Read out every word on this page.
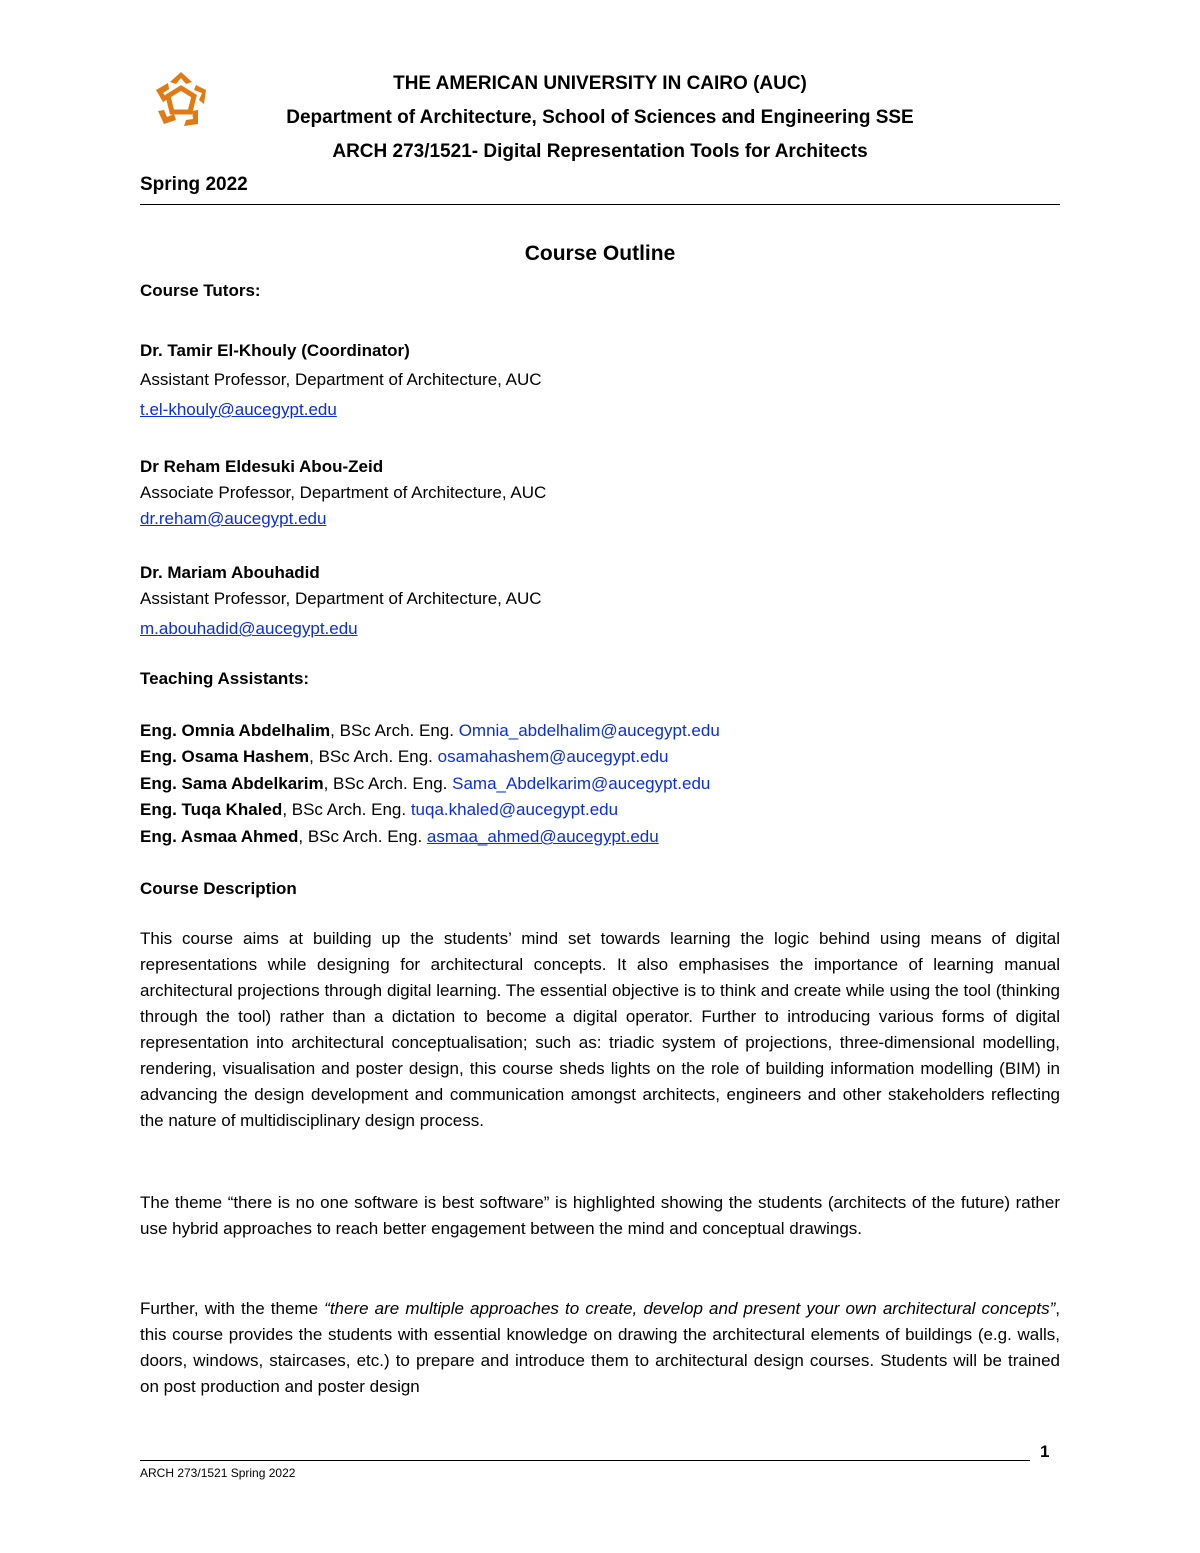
THE AMERICAN UNIVERSITY IN CAIRO (AUC)
Department of Architecture, School of Sciences and Engineering SSE
ARCH 273/1521- Digital Representation Tools for Architects
Spring 2022
Course Outline
Course Tutors:
Dr. Tamir El-Khouly (Coordinator)
Assistant Professor, Department of Architecture, AUC
t.el-khouly@aucegypt.edu
Dr Reham Eldesuki Abou-Zeid
Associate Professor, Department of Architecture, AUC
dr.reham@aucegypt.edu
Dr. Mariam Abouhadid
Assistant Professor, Department of Architecture, AUC
m.abouhadid@aucegypt.edu
Teaching Assistants:
Eng. Omnia Abdelhalim, BSc Arch. Eng. Omnia_abdelhalim@aucegypt.edu
Eng. Osama Hashem, BSc Arch. Eng. osamahashem@aucegypt.edu
Eng. Sama Abdelkarim, BSc Arch. Eng. Sama_Abdelkarim@aucegypt.edu
Eng. Tuqa Khaled, BSc Arch. Eng. tuqa.khaled@aucegypt.edu
Eng. Asmaa Ahmed, BSc Arch. Eng. asmaa_ahmed@aucegypt.edu
Course Description
This course aims at building up the students’ mind set towards learning the logic behind using means of digital representations while designing for architectural concepts. It also emphasises the importance of learning manual architectural projections through digital learning. The essential objective is to think and create while using the tool (thinking through the tool) rather than a dictation to become a digital operator. Further to introducing various forms of digital representation into architectural conceptualisation; such as: triadic system of projections, three-dimensional modelling, rendering, visualisation and poster design, this course sheds lights on the role of building information modelling (BIM) in advancing the design development and communication amongst architects, engineers and other stakeholders reflecting the nature of multidisciplinary design process.
The theme “there is no one software is best software” is highlighted showing the students (architects of the future) rather use hybrid approaches to reach better engagement between the mind and conceptual drawings.
Further, with the theme “there are multiple approaches to create, develop and present your own architectural concepts”, this course provides the students with essential knowledge on drawing the architectural elements of buildings (e.g. walls, doors, windows, staircases, etc.) to prepare and introduce them to architectural design courses. Students will be trained on post production and poster design
1
ARCH 273/1521 Spring 2022
